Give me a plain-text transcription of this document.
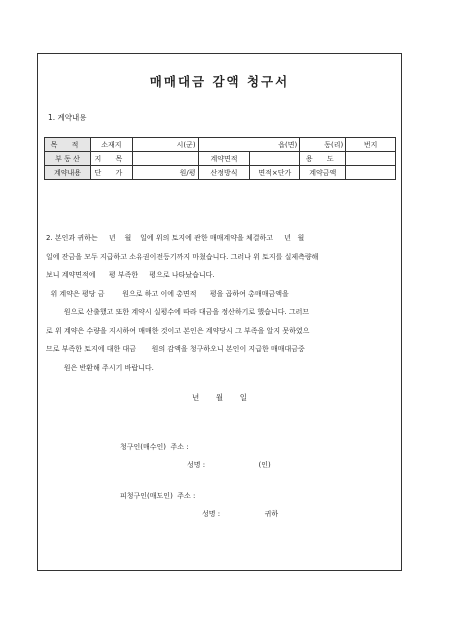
매매대금 감액 청구서
1. 계약내용
목 적	소재지	시(군)	읍(면)		동(리)	번지
부 동 산	지 목		계약면적		용 도	
계약내용	단 가	원/평	산정방식	면적×단가	계약금액	
2. 본인과 귀하는     년    월    일에 위의 토지에 관한 매매계약을 체결하고     년   월
일에 잔금을 모두 지급하고 소유권이전등기까지 마쳤습니다. 그러나 위 토지를 실제측량해
보니 계약면적에      평 부족한     평으로 나타났습니다.
위 계약은 평당 금        원으로 하고 이에 총면적      평을 곱하여 총매매금액을
원으로 산출했고 또한 계약시 실평수에 따라 대금을 정산하기로 했습니다. 그러므
로 위 계약은 수량을 지시하여 매매한 것이고 본인은 계약당시 그 부족을 알지 못하였으
므로 부족한 토지에 대한 대금       원의 감액을 청구하오니 본인이 지급한 매매대금중
원은 반환해 주시기 바랍니다.
년       월       일
청구인(매수인)  주소 :
성명 :                        (인)
피청구인(매도인)  주소 :
성명 :                    귀하
